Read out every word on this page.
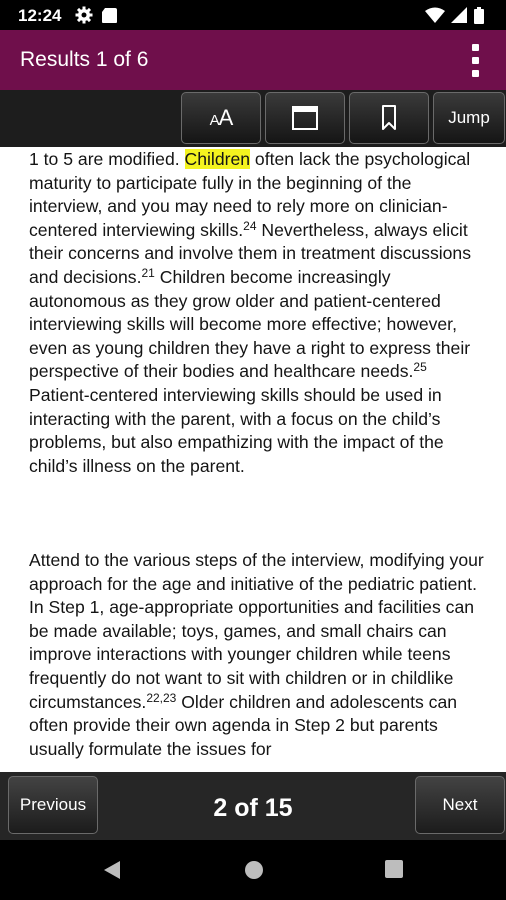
12:24
Results 1 of 6
AA	Jump

1 to 5 are modified. Children often lack the psychological maturity to participate fully in the beginning of the interview, and you may need to rely more on clinician-centered interviewing skills.$^{24}$ Nevertheless, always elicit their concerns and involve them in treatment discussions and decisions.$^{21}$ Children become increasingly autonomous as they grow older and patient-centered interviewing skills will become more effective; however, even as young children they have a right to express their perspective of their bodies and healthcare needs.$^{25}$ Patient-centered interviewing skills should be used in interacting with the parent, with a focus on the child’s problems, but also empathizing with the impact of the child’s illness on the parent.

Attend to the various steps of the interview, modifying your approach for the age and initiative of the pediatric patient. In Step 1, age-appropriate opportunities and facilities can be made available; toys, games, and small chairs can improve interactions with younger children while teens frequently do not want to sit with children or in childlike circumstances.$^{22,23}$ Older children and adolescents can often provide their own agenda in Step 2 but parents usually formulate the issues for

Previous	2 of 15	Next
